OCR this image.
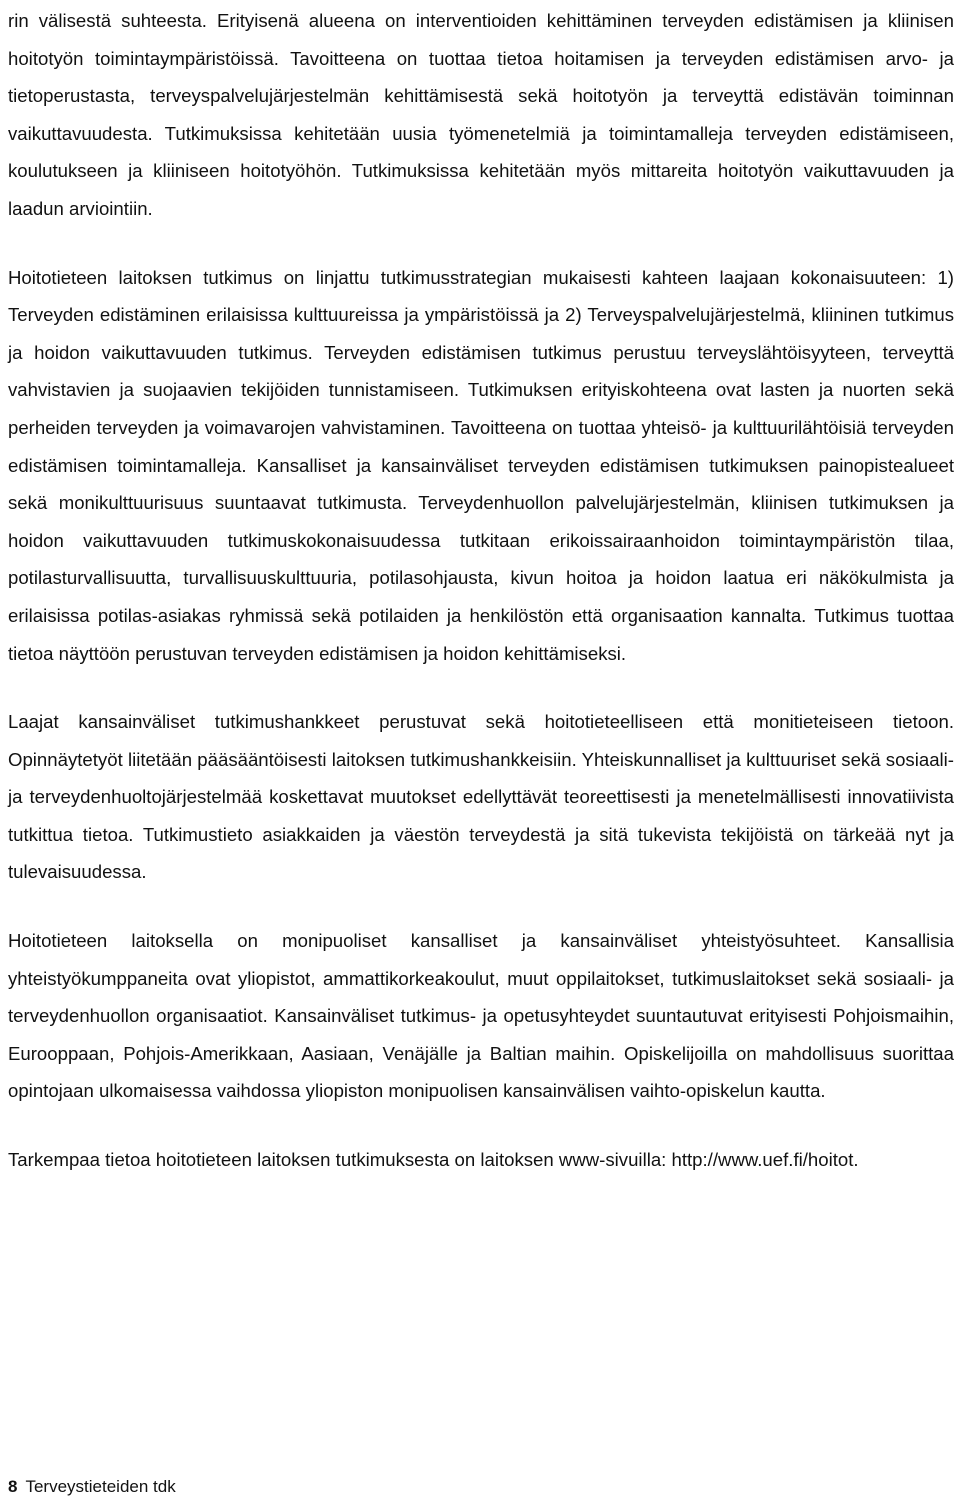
rin välisestä suhteesta. Erityisenä alueena on interventioiden kehittäminen terveyden edistämisen ja kliinisen hoitotyön toimintaympäristöissä. Tavoitteena on tuottaa tietoa hoitamisen ja terveyden edistämisen arvo- ja tietoperustasta, terveyspalvelujärjestelmän kehittämisestä sekä hoitotyön ja terveyttä edistävän toiminnan vaikuttavuudesta. Tutkimuksissa kehitetään uusia työmenetelmiä ja toimintamalleja terveyden edistämiseen, koulutukseen ja kliiniseen hoitotyöhön. Tutkimuksissa kehitetään myös mittareita hoitotyön vaikuttavuuden ja laadun arviointiin.

Hoitotieteen laitoksen tutkimus on linjattu tutkimusstrategian mukaisesti kahteen laajaan kokonaisuuteen: 1) Terveyden edistäminen erilaisissa kulttuureissa ja ympäristöissä ja 2) Terveyspalvelujärjestelmä, kliininen tutkimus ja hoidon vaikuttavuuden tutkimus. Terveyden edistämisen tutkimus perustuu terveyslähtöisyyteen, terveyttä vahvistavien ja suojaavien tekijöiden tunnistamiseen. Tutkimuksen erityiskohteena ovat lasten ja nuorten sekä perheiden terveyden ja voimavarojen vahvistaminen. Tavoitteena on tuottaa yhteisö- ja kulttuurilähtöisiä terveyden edistämisen toimintamalleja. Kansalliset ja kansainväliset terveyden edistämisen tutkimuksen painopistealueet sekä monikulttuurisuus suuntaavat tutkimusta. Terveydenhuollon palvelujärjestelmän, kliinisen tutkimuksen ja hoidon vaikuttavuuden tutkimuskokonaisuudessa tutkitaan erikoissairaanhoidon toimintaympäristön tilaa, potilasturvallisuutta, turvallisuuskulttuuria, potilasohjausta, kivun hoitoa ja hoidon laatua eri näkökulmista ja erilaisissa potilas-asiakas ryhmissä sekä potilaiden ja henkilöstön että organisaation kannalta. Tutkimus tuottaa tietoa näyttöön perustuvan terveyden edistämisen ja hoidon kehittämiseksi.

Laajat kansainväliset tutkimushankkeet perustuvat sekä hoitotieteelliseen että monitieteiseen tietoon. Opinnäytetyöt liitetään pääsääntöisesti laitoksen tutkimushankkeisiin. Yhteiskunnalliset ja kulttuuriset sekä sosiaali- ja terveydenhuoltojärjestelmää koskettavat muutokset edellyttävät teoreettisesti ja menetelmällisesti innovatiivista tutkittua tietoa. Tutkimustieto asiakkaiden ja väestön terveydestä ja sitä tukevista tekijöistä on tärkeää nyt ja tulevaisuudessa.

Hoitotieteen laitoksella on monipuoliset kansalliset ja kansainväliset yhteistyösuhteet. Kansallisia yhteistyökumppaneita ovat yliopistot, ammattikorkeakoulut, muut oppilaitokset, tutkimuslaitokset sekä sosiaali- ja terveydenhuollon organisaatiot. Kansainväliset tutkimus- ja opetusyhteydet suuntautuvat erityisesti Pohjoismaihin, Eurooppaan, Pohjois-Amerikkaan, Aasiaan, Venäjälle ja Baltian maihin. Opiskelijoilla on mahdollisuus suorittaa opintojaan ulkomaisessa vaihdossa yliopiston monipuolisen kansainvälisen vaihto-opiskelun kautta.

Tarkempaa tietoa hoitotieteen laitoksen tutkimuksesta on laitoksen www-sivuilla: http://www.uef.fi/hoitot.

8 Terveystieteiden tdk
